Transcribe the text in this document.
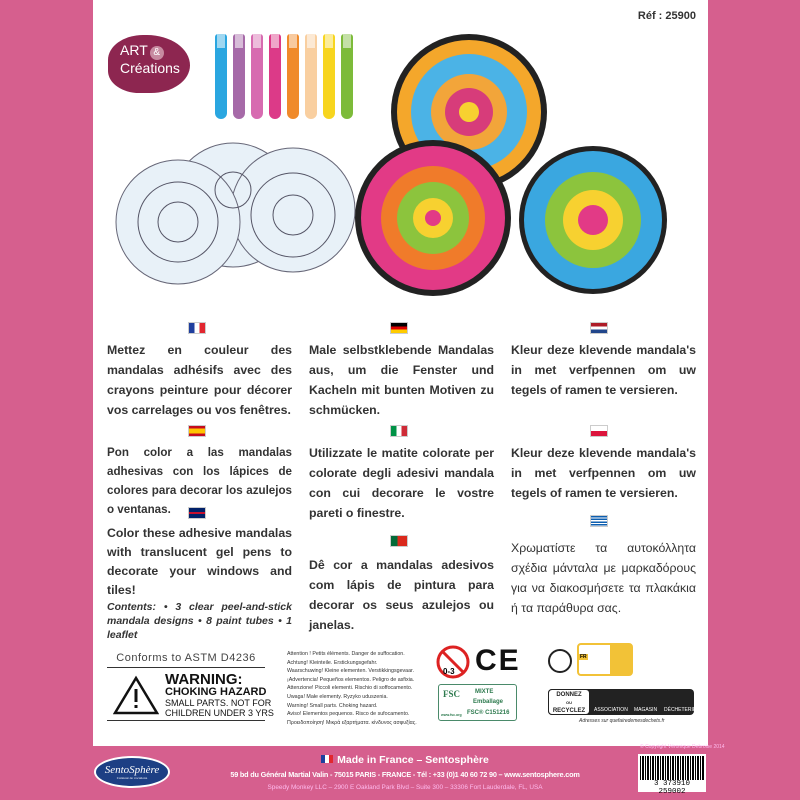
Réf : 25900
ART &
Créations
Mettez en couleur des mandalas adhésifs avec des crayons peinture pour décorer vos carrelages ou vos fenêtres.
Male selbstklebende Mandalas aus, um die Fenster und Kacheln mit bunten Motiven zu schmücken.
Kleur deze klevende mandala's in met verfpennen om uw tegels of ramen te versieren.
Pon color a las mandalas adhesivas con los lápices de colores para decorar los azulejos o ventanas.
Utilizzate le matite colorate per colorate degli adesivi mandala con cui decorare le vostre pareti o finestre.
Kleur deze klevende mandala's in met verfpennen om uw tegels of ramen te versieren.
Color these adhesive mandalas with translucent gel pens to decorate your windows and tiles!
Contents: • 3 clear peel-and-stick mandala designs • 8 paint tubes • 1 leaflet
Dê cor a mandalas adesivos com lápis de pintura para decorar os seus azulejos ou janelas.
Χρωματίστε τα αυτοκόλλητα σχέδια μάνταλα με μαρκαδόρους για να διακοσμήσετε τα πλακάκια ή τα παράθυρα σας.
Conforms to ASTM D4236
WARNING:
CHOKING HAZARD
SMALL PARTS. NOT FOR
CHILDREN UNDER 3 YRS
Attention ! Petits éléments. Danger de suffocation.
Achtung! Kleinteile. Erstickungsgefahr.
Waarschuwing! Kleine elementen. Verstikkingsgevaar.
¡Advertencia! Pequeños elementos. Peligro de asfixia.
Attenzione! Piccoli elementi. Rischio di soffocamento.
Uwaga! Małe elementy. Ryzyko uduszenia.
Warning! Small parts. Choking hazard.
Aviso! Elementos pequenos. Risco de sufocamento.
Προειδοποίηση! Μικρά εξαρτήματα. κίνδυνος ασφυξίας.
0-3 CE
FSC
www.fsc.org
MIXTE
Emballage
FSC® C151216
FR
DONNEZ
OU
RECYCLEZ	ASSOCIATION MAGASIN DÉCHETERIE
Adresses sur quefairedemesdechets.fr
SentoSphère
Créateur de vocations
Made in France – Sentosphère
59 bd du Général Martial Valin - 75015 PARIS - FRANCE - Tél : +33 (0)1 40 60 72 90 – www.sentosphere.com
Speedy Monkey LLC – 2900 E Oakland Park Blvd – Suite 300 – 33306 Fort Lauderdale, FL, USA
© Copyright Véronique Debroise 2014
3 373910 259002
